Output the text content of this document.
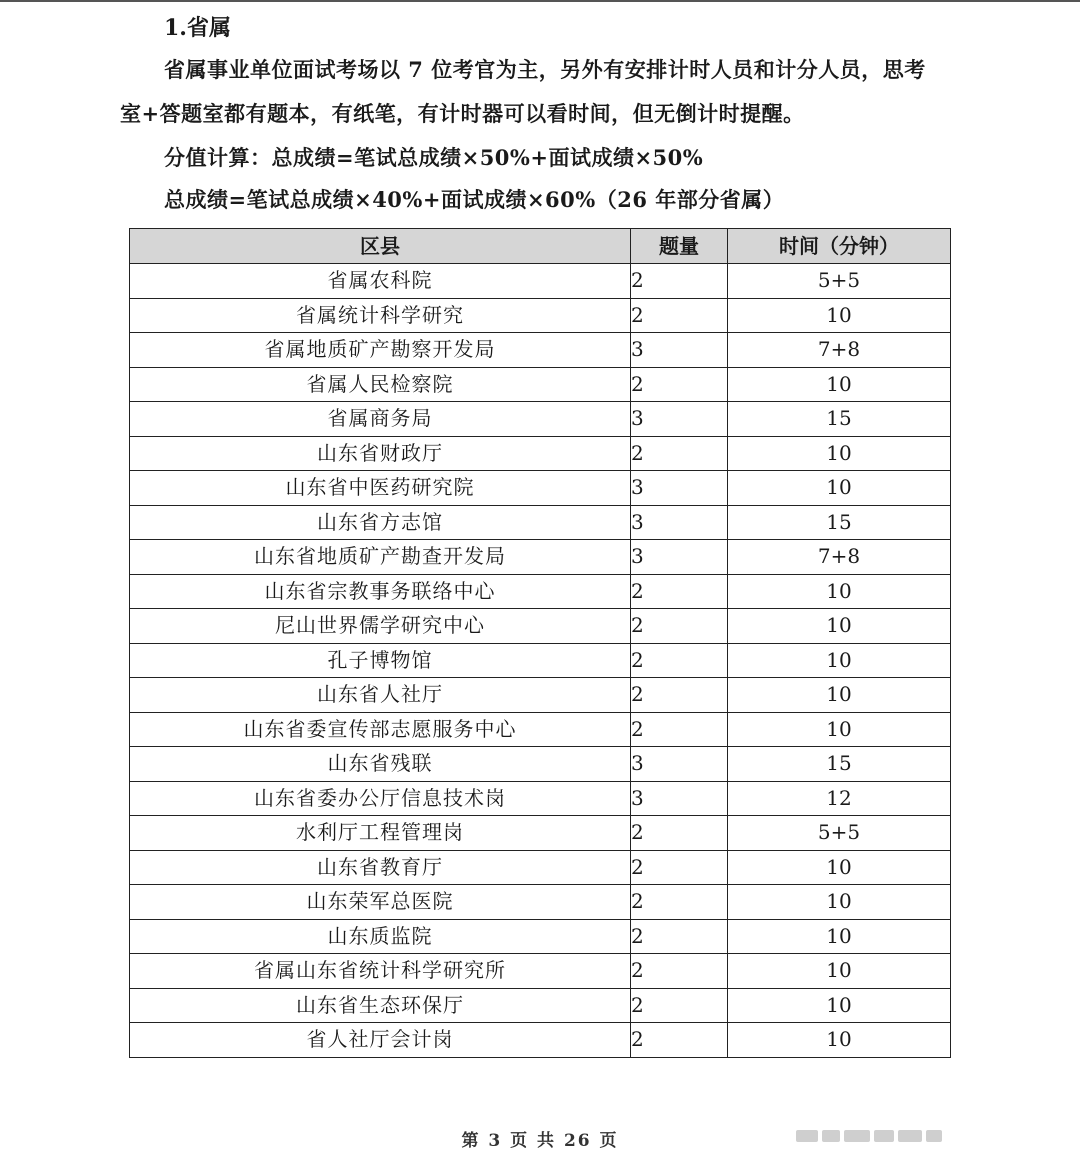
1.省属
省属事业单位面试考场以 7 位考官为主，另外有安排计时人员和计分人员，思考
室+答题室都有题本，有纸笔，有计时器可以看时间，但无倒计时提醒。
分值计算：总成绩=笔试总成绩×50%+面试成绩×50%
总成绩=笔试总成绩×40%+面试成绩×60%（26 年部分省属）
区县	题量	时间（分钟）
省属农科院	2	5+5
省属统计科学研究	2	10
省属地质矿产勘察开发局	3	7+8
省属人民检察院	2	10
省属商务局	3	15
山东省财政厅	2	10
山东省中医药研究院	3	10
山东省方志馆	3	15
山东省地质矿产勘查开发局	3	7+8
山东省宗教事务联络中心	2	10
尼山世界儒学研究中心	2	10
孔子博物馆	2	10
山东省人社厅	2	10
山东省委宣传部志愿服务中心	2	10
山东省残联	3	15
山东省委办公厅信息技术岗	3	12
水利厅工程管理岗	2	5+5
山东省教育厅	2	10
山东荣军总医院	2	10
山东质监院	2	10
省属山东省统计科学研究所	2	10
山东省生态环保厅	2	10
省人社厅会计岗	2	10
第 3 页 共 26 页
